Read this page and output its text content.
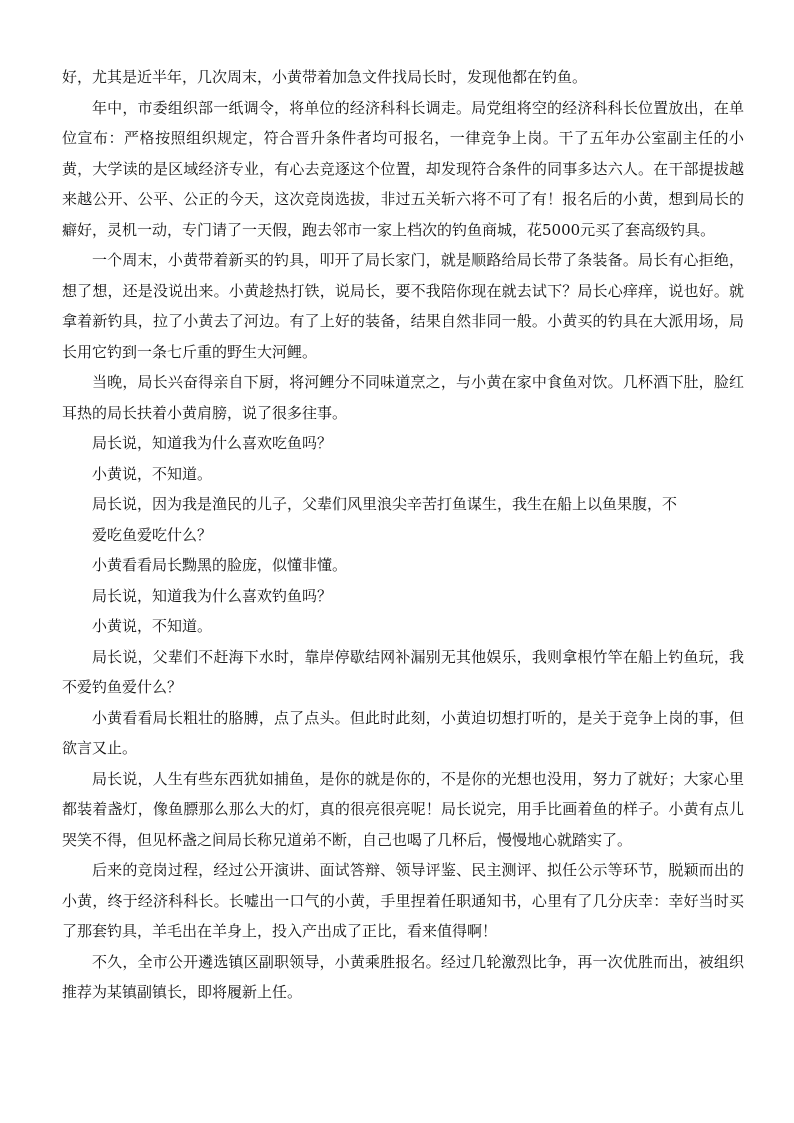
好，尤其是近半年，几次周末，小黄带着加急文件找局长时，发现他都在钓鱼。

年中，市委组织部一纸调令，将单位的经济科科长调走。局党组将空的经济科科长位置放出，在单位宣布：严格按照组织规定，符合晋升条件者均可报名，一律竞争上岗。干了五年办公室副主任的小黄，大学读的是区域经济专业，有心去竞逐这个位置，却发现符合条件的同事多达六人。在干部提拔越来越公开、公平、公正的今天，这次竞岗选拔，非过五关斩六将不可了有！报名后的小黄，想到局长的癖好，灵机一动，专门请了一天假，跑去邻市一家上档次的钓鱼商城，花5000元买了套高级钓具。

一个周末，小黄带着新买的钓具，叩开了局长家门，就是顺路给局长带了条装备。局长有心拒绝，想了想，还是没说出来。小黄趁热打铁，说局长，要不我陪你现在就去试下？局长心痒痒，说也好。就拿着新钓具，拉了小黄去了河边。有了上好的装备，结果自然非同一般。小黄买的钓具在大派用场，局长用它钓到一条七斤重的野生大河鲤。

当晚，局长兴奋得亲自下厨，将河鲤分不同味道烹之，与小黄在家中食鱼对饮。几杯酒下肚，脸红耳热的局长扶着小黄肩膀，说了很多往事。

局长说，知道我为什么喜欢吃鱼吗？

小黄说，不知道。

局长说，因为我是渔民的儿子，父辈们风里浪尖辛苦打鱼谋生，我生在船上以鱼果腹，不

爱吃鱼爱吃什么？

小黄看看局长黝黑的脸庞，似懂非懂。

局长说，知道我为什么喜欢钓鱼吗？

小黄说，不知道。

局长说，父辈们不赶海下水时，靠岸停歇结网补漏别无其他娱乐，我则拿根竹竿在船上钓鱼玩，我不爱钓鱼爱什么？

小黄看看局长粗壮的胳膊，点了点头。但此时此刻，小黄迫切想打听的，是关于竞争上岗的事，但欲言又止。

局长说，人生有些东西犹如捕鱼，是你的就是你的，不是你的光想也没用，努力了就好；大家心里都装着盏灯，像鱼膘那么那么大的灯，真的很亮很亮呢！局长说完，用手比画着鱼的样子。小黄有点儿哭笑不得，但见杯盏之间局长称兄道弟不断，自己也喝了几杯后，慢慢地心就踏实了。

后来的竞岗过程，经过公开演讲、面试答辩、领导评鉴、民主测评、拟任公示等环节，脱颖而出的小黄，终于经济科科长。长嘘出一口气的小黄，手里捏着任职通知书，心里有了几分庆幸：幸好当时买了那套钓具，羊毛出在羊身上，投入产出成了正比，看来值得啊！

不久，全市公开遴选镇区副职领导，小黄乘胜报名。经过几轮激烈比争，再一次优胜而出，被组织推荐为某镇副镇长，即将履新上任。
